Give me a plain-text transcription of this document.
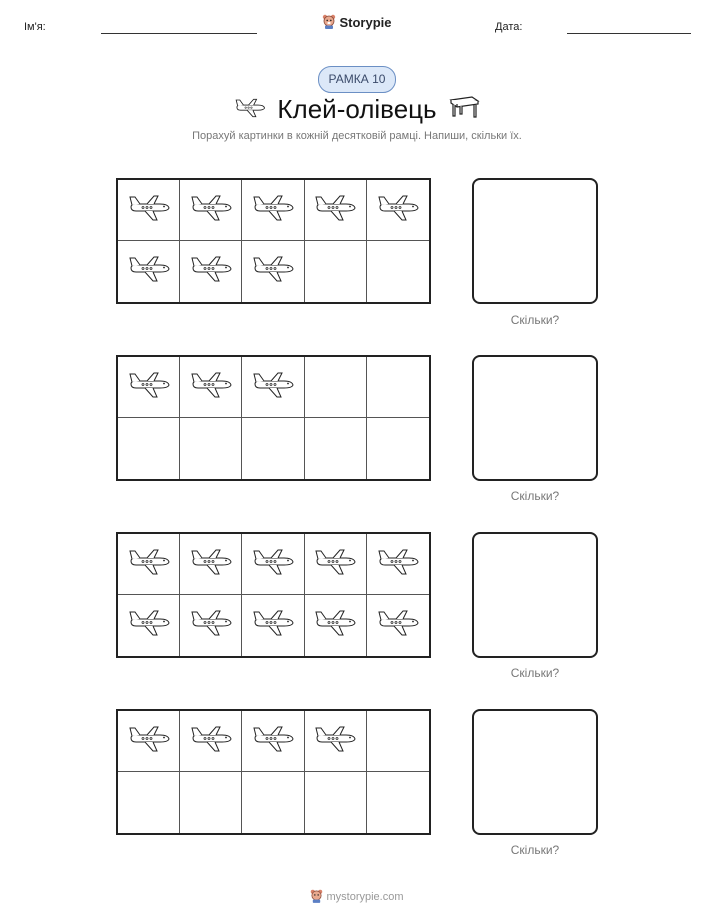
Ім'я:	Storypie	Дата:
РАМКА 10
Клей-олівець
Порахуй картинки в кожній десятковій рамці. Напиши, скільки їх.
Скільки?
Скільки?
Скільки?
Скільки?
mystorypie.com
